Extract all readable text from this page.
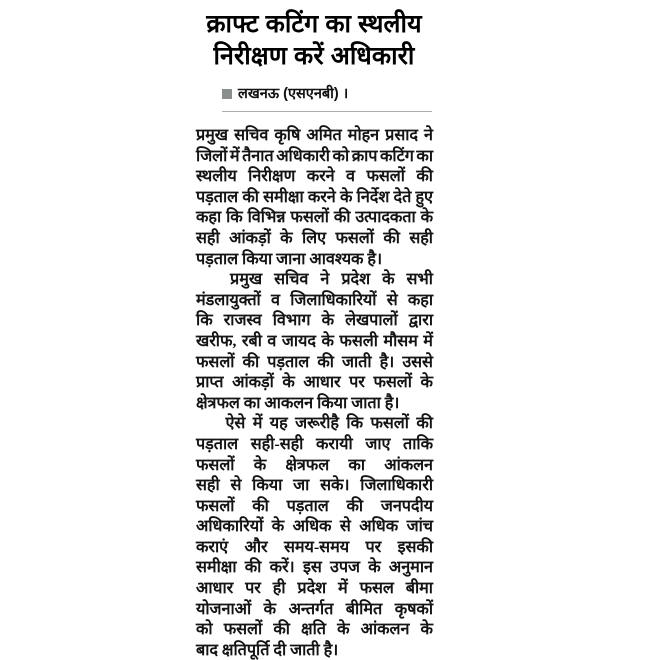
क्राफ्ट कटिंग का स्थलीय
निरीक्षण करें अधिकारी
लखनऊ (एसएनबी) ।

प्रमुख सचिव कृषि अमित मोहन प्रसाद ने
जिलों में तैनात अधिकारी को क्राप कटिंग का
स्थलीय निरीक्षण करने व फसलों की
पड़ताल की समीक्षा करने के निर्देश देते हुए
कहा कि विभिन्न फसलों की उत्पादकता के
सही आंकड़ों के लिए फसलों की सही
पड़ताल किया जाना आवश्यक है।

प्रमुख सचिव ने प्रदेश के सभी
मंडलायुक्तों व जिलाधिकारियों से कहा
कि राजस्व विभाग के लेखपालों द्वारा
खरीफ, रबी व जायद के फसली मौसम में
फसलों की पड़ताल की जाती है। उससे
प्राप्त आंकड़ों के आधार पर फसलों के
क्षेत्रफल का आकलन किया जाता है।

ऐसे में यह जरूरीहै कि फसलों की
पड़ताल सही-सही करायी जाए ताकि
फसलों के क्षेत्रफल का आंकलन
सही से किया जा सके। जिलाधिकारी
फसलों की पड़ताल की जनपदीय
अधिकारियों के अधिक से अधिक जांच
कराएं और समय-समय पर इसकी
समीक्षा की करें। इस उपज के अनुमान
आधार पर ही प्रदेश में फसल बीमा
योजनाओं के अन्तर्गत बीमित कृषकों
को फसलों की क्षति के आंकलन के
बाद क्षतिपूर्ति दी जाती है।
